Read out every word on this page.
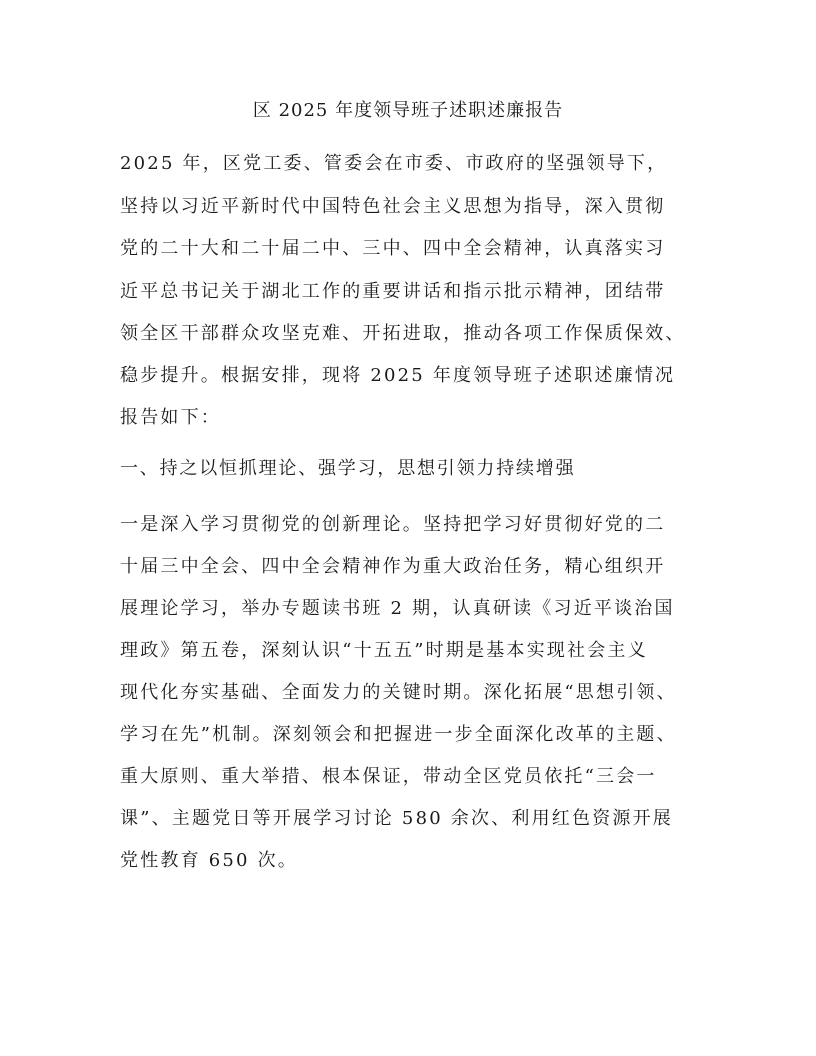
区 2025 年度领导班子述职述廉报告
2025 年，区党工委、管委会在市委、市政府的坚强领导下，
坚持以习近平新时代中国特色社会主义思想为指导，深入贯彻
党的二十大和二十届二中、三中、四中全会精神，认真落实习
近平总书记关于湖北工作的重要讲话和指示批示精神，团结带
领全区干部群众攻坚克难、开拓进取，推动各项工作保质保效、
稳步提升。根据安排，现将 2025 年度领导班子述职述廉情况
报告如下：
一、持之以恒抓理论、强学习，思想引领力持续增强
一是深入学习贯彻党的创新理论。坚持把学习好贯彻好党的二
十届三中全会、四中全会精神作为重大政治任务，精心组织开
展理论学习，举办专题读书班 2 期，认真研读《习近平谈治国
理政》第五卷，深刻认识“十五五”时期是基本实现社会主义
现代化夯实基础、全面发力的关键时期。深化拓展“思想引领、
学习在先”机制。深刻领会和把握进一步全面深化改革的主题、
重大原则、重大举措、根本保证，带动全区党员依托“三会一
课”、主题党日等开展学习讨论 580 余次、利用红色资源开展
党性教育 650 次。
